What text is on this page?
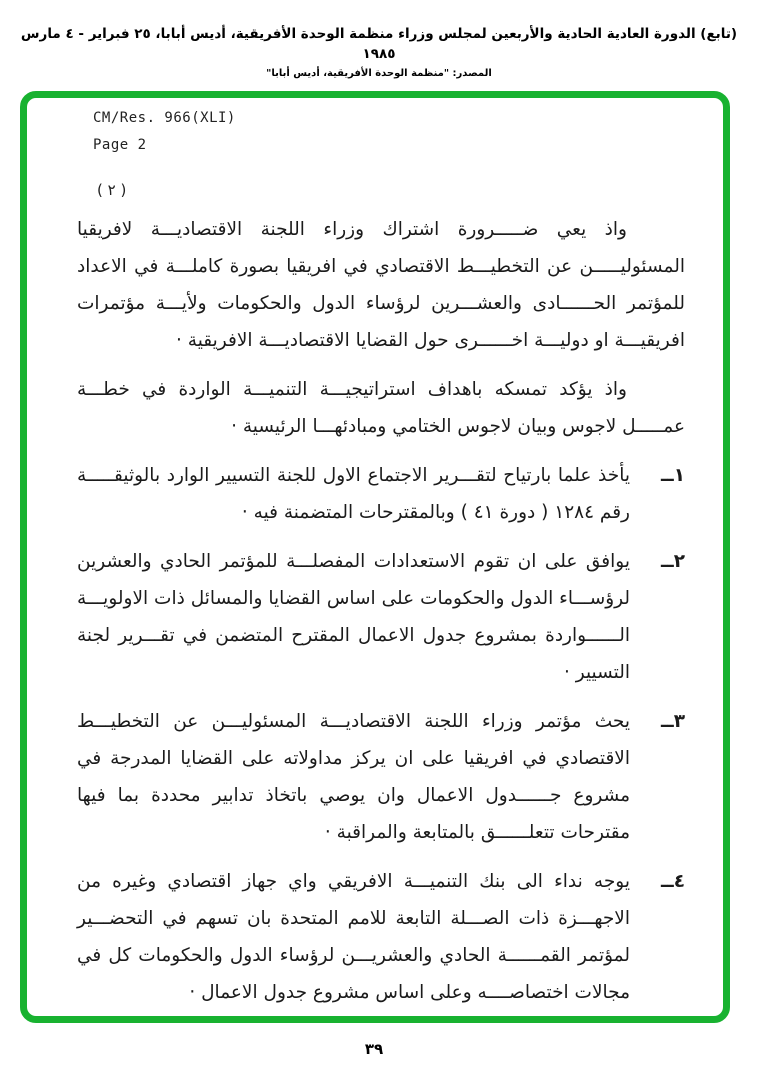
(تابع) الدورة العادية الحادية والأربعين لمجلس وزراء منظمة الوحدة الأفريقية، أديس أبابا، ٢٥ فبراير - ٤ مارس ١٩٨٥
المصدر: "منظمة الوحدة الأفريقية، أديس أبابا"
CM/Res. 966(XLI)
Page 2
( ٢ )

واذ يعي ضـــــرورة اشتراك وزراء اللجنة الاقتصاديـــة لافريقيا المسئوليـــــن عن التخطيـــط الاقتصادي في افريقيا بصورة كاملـــة في الاعداد للمؤتمر الحــــــادى والعشـــرين لرؤساء الدول والحكومات ولأيـــة مؤتمرات افريقيـــة او دوليـــة اخــــــرى حول القضايا الاقتصاديـــة الافريقية ·

واذ يؤكد تمسكه باهداف استراتيجيـــة التنميـــة الواردة في خطـــة عمـــــل لاجوس وبيان لاجوس الختامي ومبادئهـــا الرئيسية ·

١ــ

يأخذ علما بارتياح لتقـــرير الاجتماع الاول للجنة التسيير الوارد بالوثيقـــــة رقم ١٢٨٤ ( دورة ٤١ ) وبالمقترحات المتضمنة فيه ·

٢ــ

يوافق على ان تقوم الاستعدادات المفصلـــة للمؤتمر الحادي والعشرين لرؤســـاء الدول والحكومات على اساس القضايا والمسائل ذات الاولويـــة الــــــواردة بمشروع جدول الاعمال المقترح المتضمن في تقـــرير لجنة التسيير ·

٣ــ

يحث مؤتمر وزراء اللجنة الاقتصاديـــة المسئوليـــن عن التخطيـــط الاقتصادي في افريقيا على ان يركز مداولاته على القضايا المدرجة في مشروع جــــــدول الاعمال وان يوصي باتخاذ تدابير محددة بما فيها مقترحات تتعلــــــق بالمتابعة والمراقبة ·

٤ــ

يوجه نداء الى بنك التنميـــة الافريقي واي جهاز اقتصادي وغيره من الاجهـــزة ذات الصـــلة التابعة للامم المتحدة بان تسهم في التحضـــير لمؤتمر القمــــــة الحادي والعشريـــن لرؤساء الدول والحكومات كل في مجالات اختصاصــــه وعلى اساس مشروع جدول الاعمال ·

٣٩
